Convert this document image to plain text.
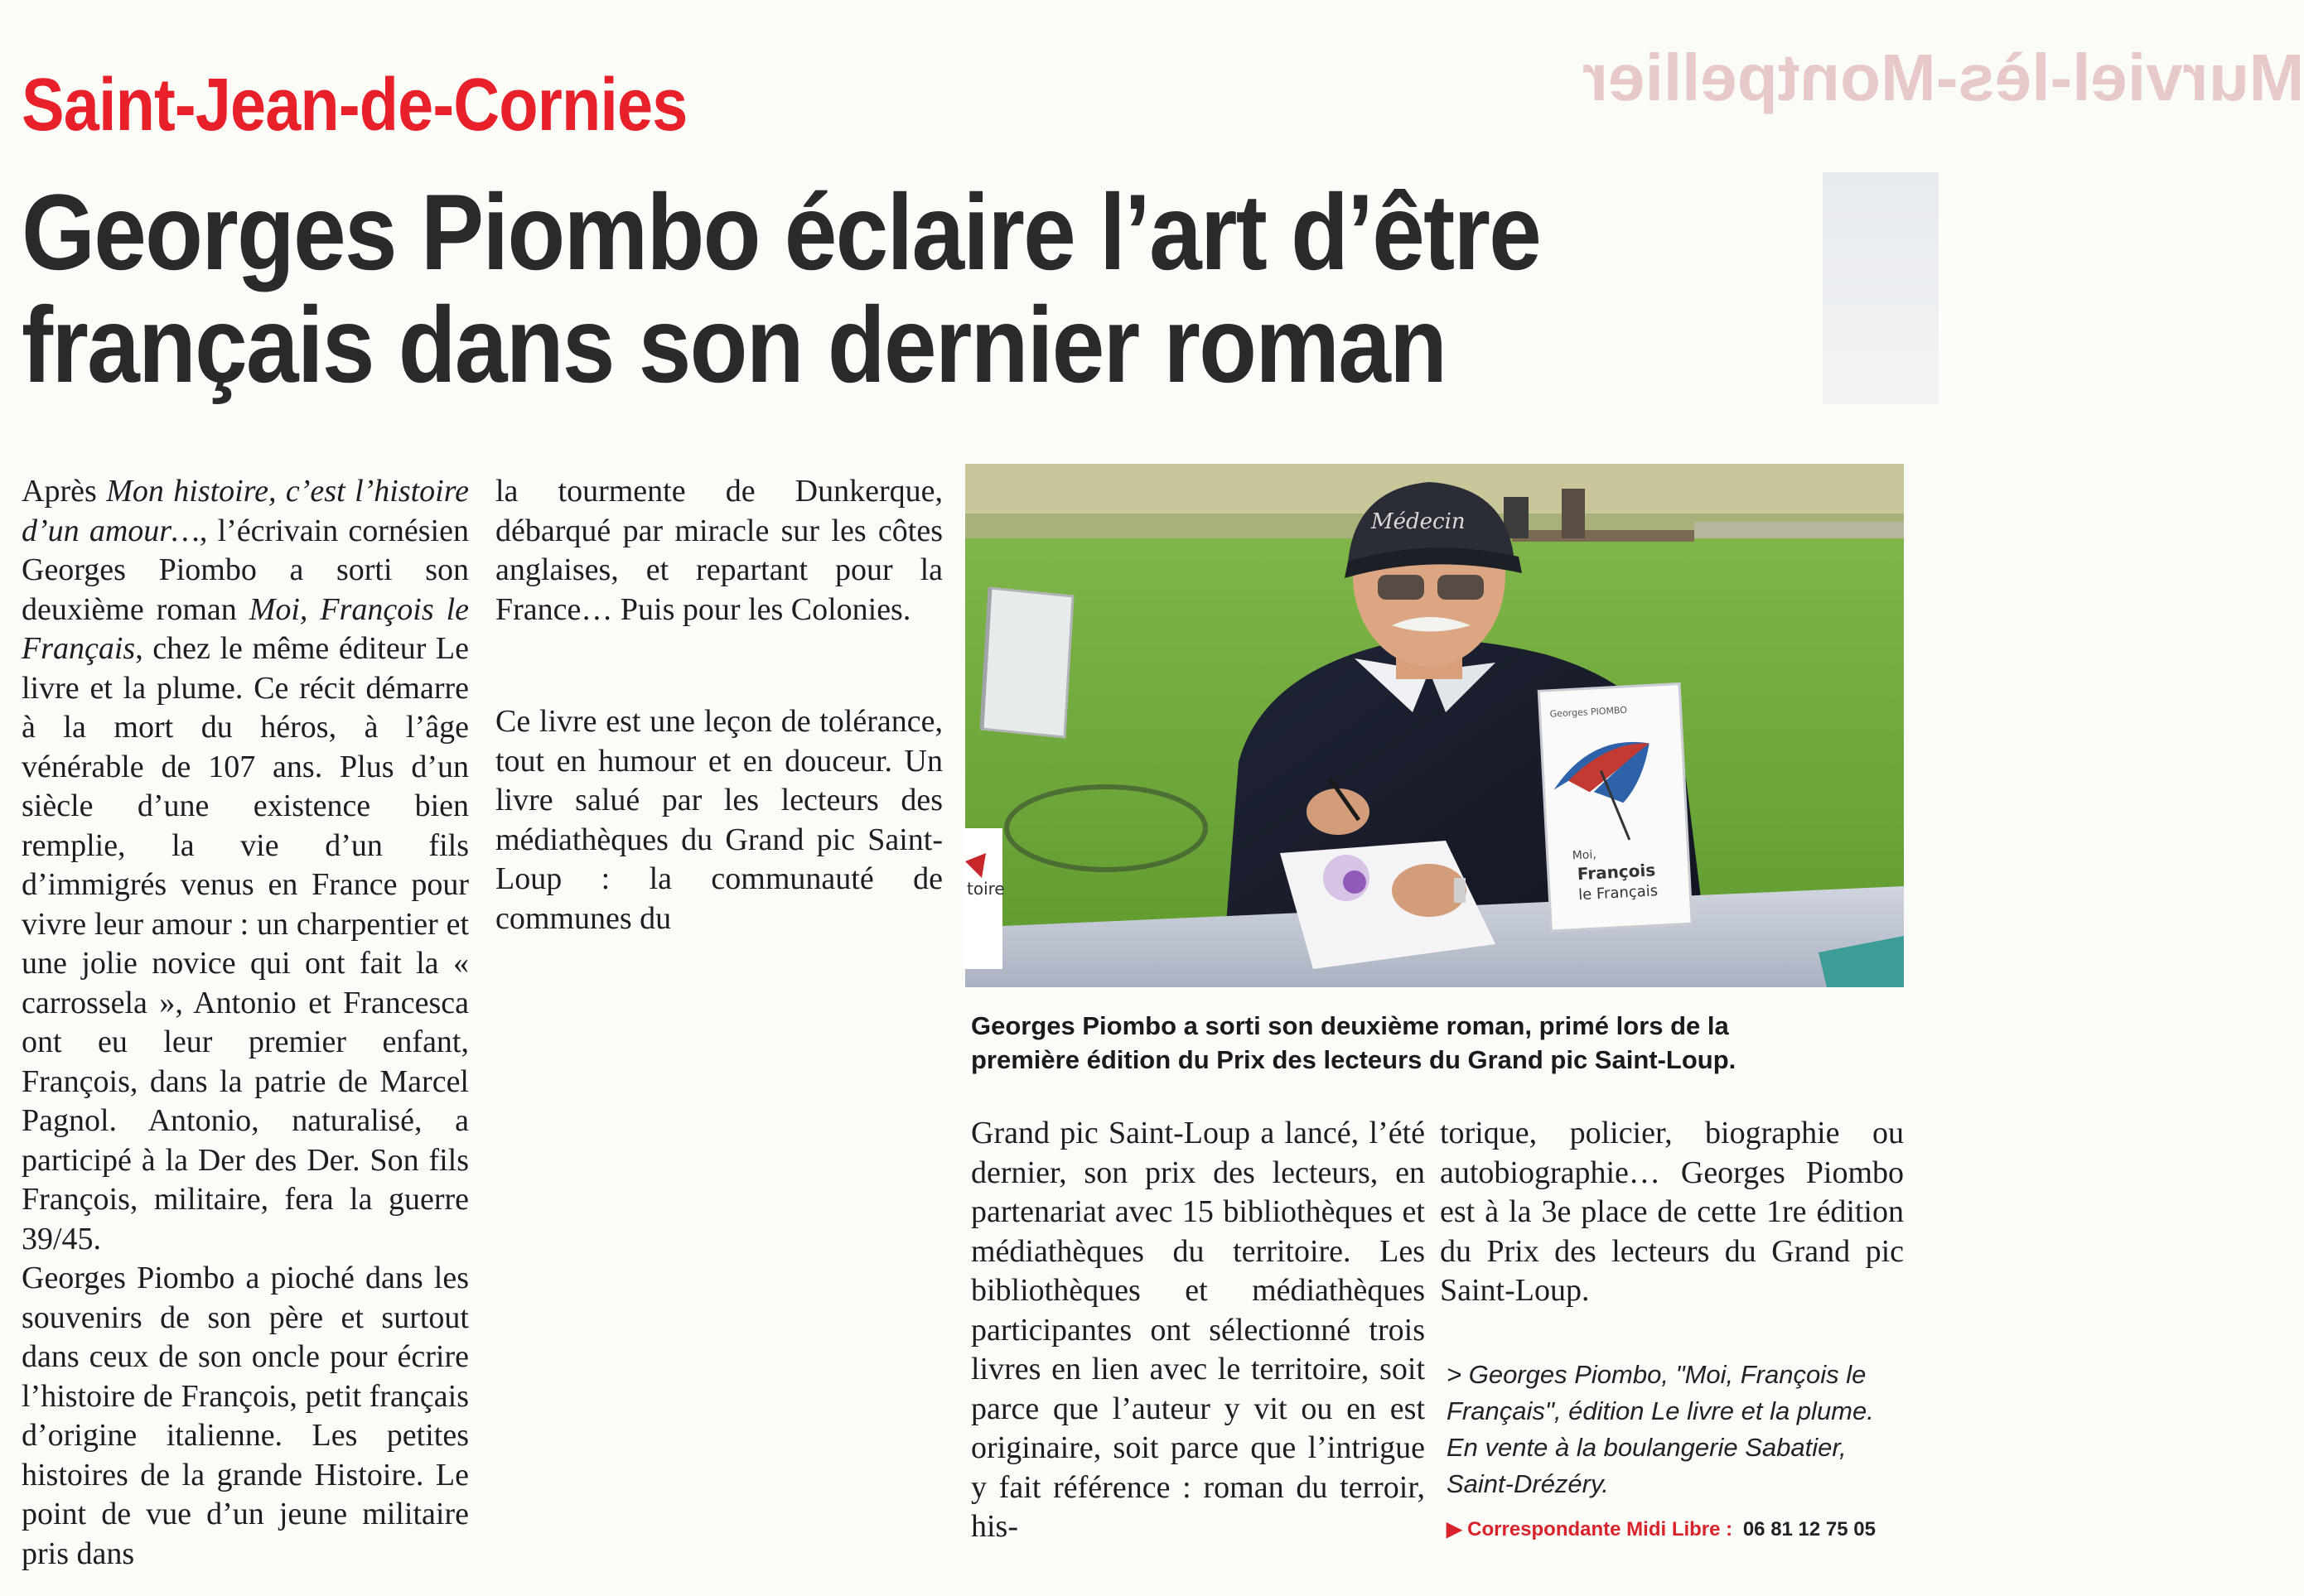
Murviel-lès-Montpellier
Saint-Jean-de-Cornies
Georges Piombo éclaire l’art d’être
français dans son dernier roman

Après Mon histoire, c’est l’histoire d’un amour…, l’écrivain cornésien Georges Piombo a sorti son deuxième roman Moi, François le Français, chez le même éditeur Le livre et la plume. Ce récit démarre à la mort du héros, à l’âge vénérable de 107 ans. Plus d’un siècle d’une existence bien remplie, la vie d’un fils d’immigrés venus en France pour vivre leur amour : un charpentier et une jolie novice qui ont fait la « carrossela », Antonio et Francesca ont eu leur premier enfant, François, dans la patrie de Marcel Pagnol. Antonio, naturalisé, a participé à la Der des Der. Son fils François, militaire, fera la guerre 39/45.

Georges Piombo a pioché dans les souvenirs de son père et surtout dans ceux de son oncle pour écrire l’histoire de François, petit français d’origine italienne. Les petites histoires de la grande Histoire. Le point de vue d’un jeune militaire pris dans

Médecin
Georges PIOMBO
Moi,
François
le Français
toire
Georges Piombo a sorti son deuxième roman, primé lors de la
première édition du Prix des lecteurs du Grand pic Saint-Loup.
> Georges Piombo, "Moi, François le Français", édition Le livre et la plume. En vente à la boulangerie Sabatier, Saint-Drézéry.
▶ Correspondante Midi Libre : 06 81 12 75 05

la tourmente de Dunkerque, débarqué par miracle sur les côtes anglaises, et repartant pour la France… Puis pour les Colonies.

Ce livre est une leçon de tolérance, tout en humour et en douceur. Un livre salué par les lecteurs des médiathèques du Grand pic Saint-Loup : la communauté de communes du

Grand pic Saint-Loup a lancé, l’été dernier, son prix des lecteurs, en partenariat avec 15 bibliothèques et médiathèques du territoire. Les bibliothèques et médiathèques participantes ont sélectionné trois livres en lien avec le territoire, soit parce que l’auteur y vit ou en est originaire, soit parce que l’intrigue y fait référence : roman du terroir, his-

torique, policier, biographie ou autobiographie… Georges Piombo est à la 3e place de cette 1re édition du Prix des lecteurs du Grand pic Saint-Loup.
